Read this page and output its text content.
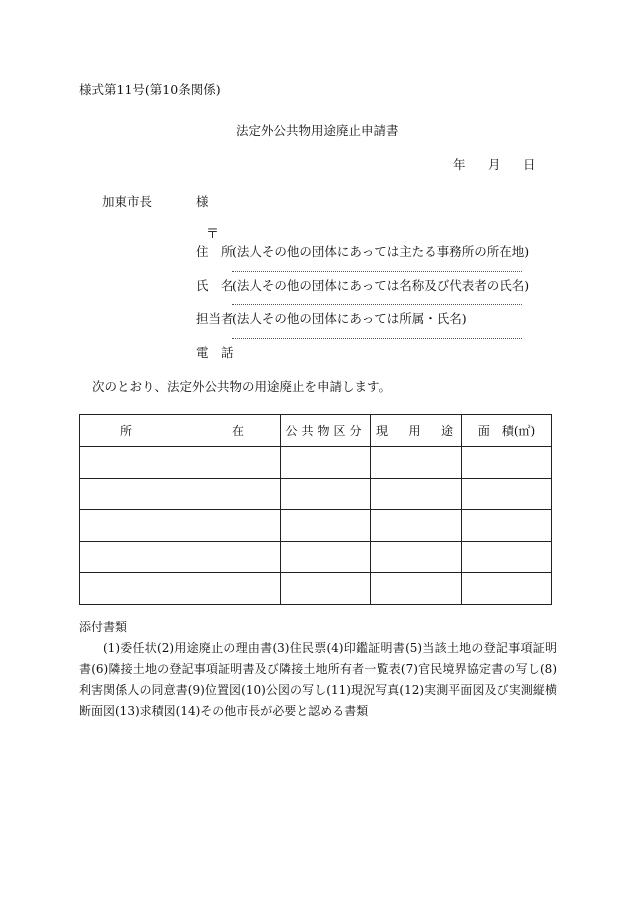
様式第11号(第10条関係)
法定外公共物用途廃止申請書
年 月 日
加東市長	様
〒
住　所
(法人その他の団体にあっては主たる事務所の所在地)
氏　名
(法人その他の団体にあっては名称及び代表者の氏名)
担当者
(法人その他の団体にあっては所属・氏名)
電　話
次のとおり、法定外公共物の用途廃止を申請します。
所 在	公共物区分	現 用 途	面　積(㎡)

添付書類
(1)委任状(2)用途廃止の理由書(3)住民票(4)印鑑証明書(5)当該土地の登記事項証明書(6)隣接土地の登記事項証明書及び隣接土地所有者一覧表(7)官民境界協定書の写し(8)利害関係人の同意書(9)位置図(10)公図の写し(11)現況写真(12)実測平面図及び実測縦横断面図(13)求積図(14)その他市長が必要と認める書類
